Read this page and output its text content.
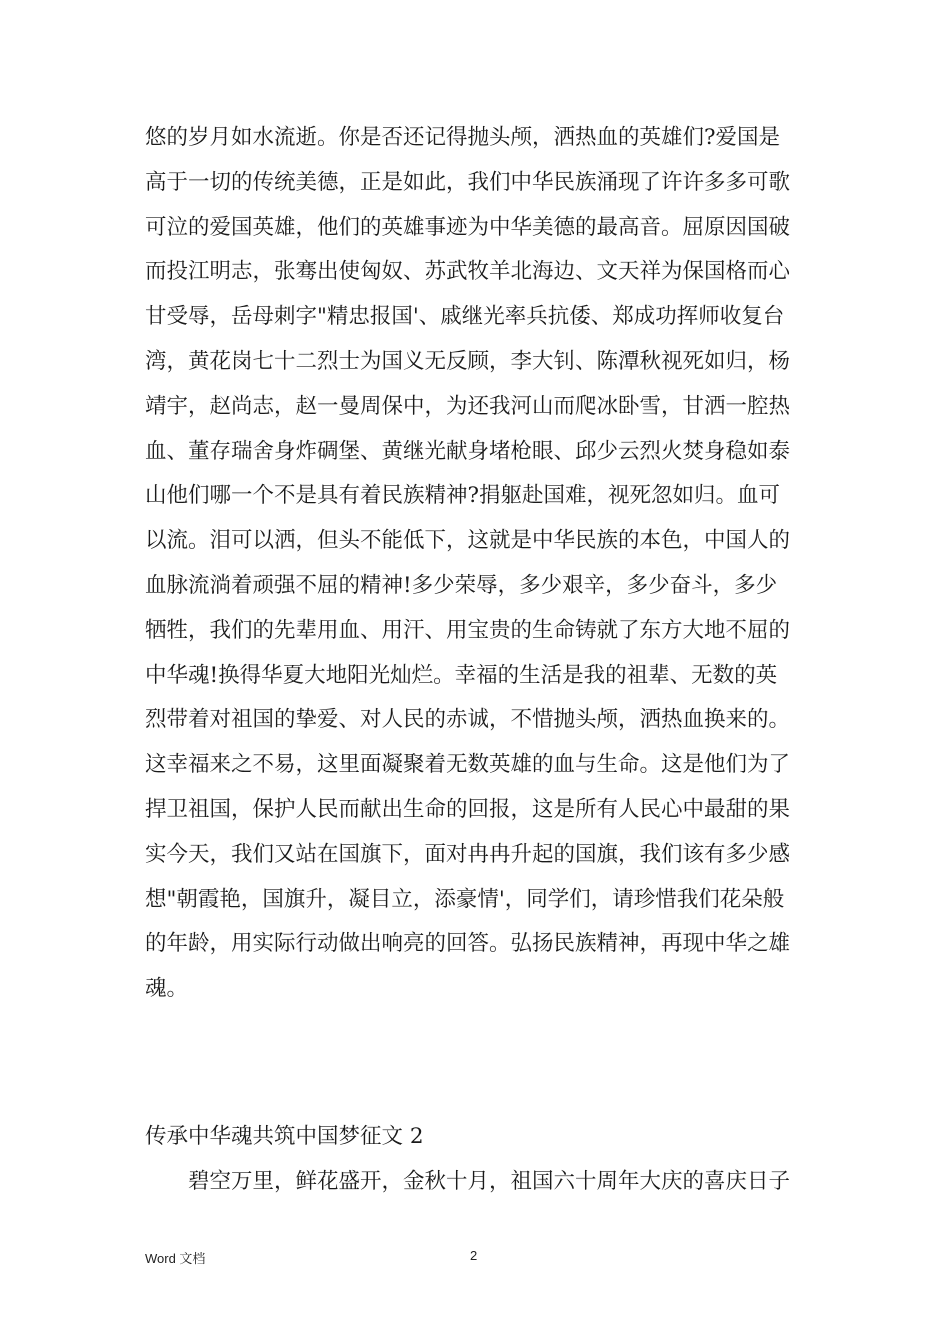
悠的岁月如水流逝。你是否还记得抛头颅，洒热血的英雄们?爱国是
高于一切的传统美德，正是如此，我们中华民族涌现了许许多多可歌
可泣的爱国英雄，他们的英雄事迹为中华美德的最高音。屈原因国破
而投江明志，张骞出使匈奴、苏武牧羊北海边、文天祥为保国格而心
甘受辱，岳母刺字"精忠报国'、戚继光率兵抗倭、郑成功挥师收复台
湾，黄花岗七十二烈士为国义无反顾，李大钊、陈潭秋视死如归，杨
靖宇，赵尚志，赵一曼周保中，为还我河山而爬冰卧雪，甘洒一腔热
血、董存瑞舍身炸碉堡、黄继光献身堵枪眼、邱少云烈火焚身稳如泰
山他们哪一个不是具有着民族精神?捐躯赴国难，视死忽如归。血可
以流。泪可以洒，但头不能低下，这就是中华民族的本色，中国人的
血脉流淌着顽强不屈的精神!多少荣辱，多少艰辛，多少奋斗，多少
牺牲，我们的先辈用血、用汗、用宝贵的生命铸就了东方大地不屈的
中华魂!换得华夏大地阳光灿烂。幸福的生活是我的祖辈、无数的英
烈带着对祖国的挚爱、对人民的赤诚，不惜抛头颅，洒热血换来的。
这幸福来之不易，这里面凝聚着无数英雄的血与生命。这是他们为了
捍卫祖国，保护人民而献出生命的回报，这是所有人民心中最甜的果
实今天，我们又站在国旗下，面对冉冉升起的国旗，我们该有多少感
想"朝霞艳，国旗升，凝目立，添豪情'，同学们，请珍惜我们花朵般
的年龄，用实际行动做出响亮的回答。弘扬民族精神，再现中华之雄
魂。
传承中华魂共筑中国梦征文 2
碧空万里，鲜花盛开，金秋十月，祖国六十周年大庆的喜庆日子
Word 文档	2
